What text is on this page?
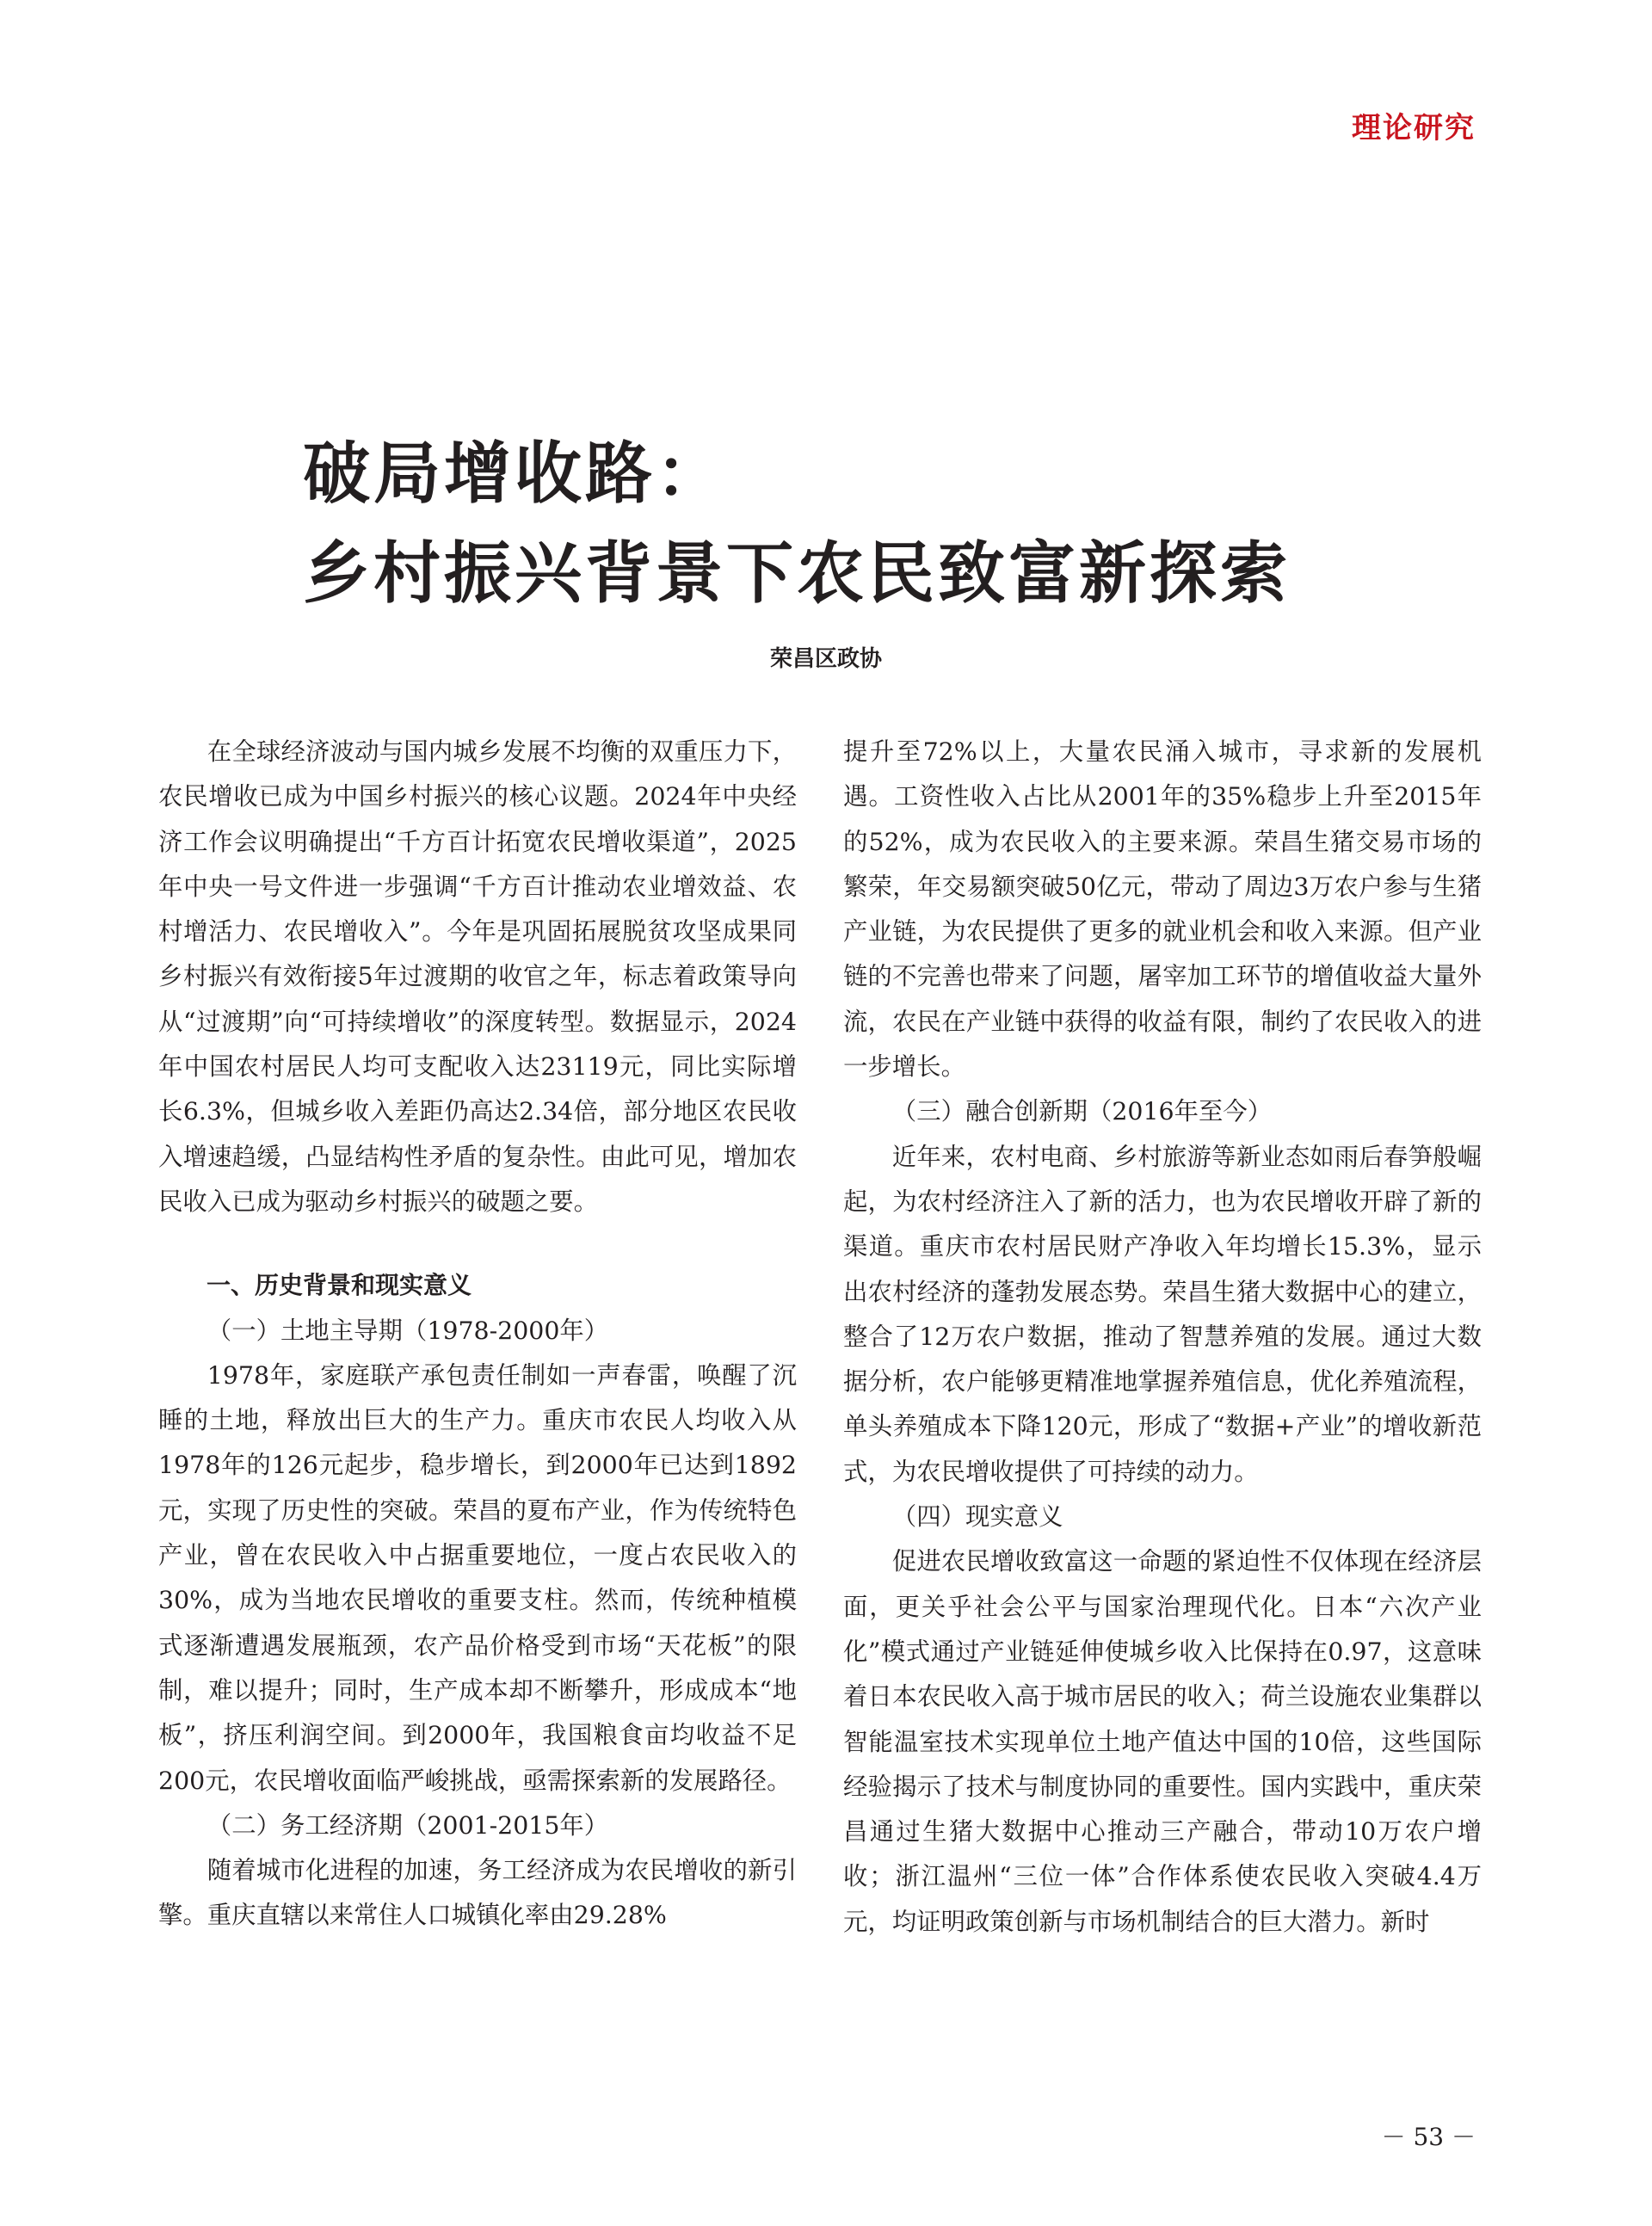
理论研究
破局增收路：
乡村振兴背景下农民致富新探索
荣昌区政协

在全球经济波动与国内城乡发展不均衡的双重压力下，农民增收已成为中国乡村振兴的核心议题。2024年中央经济工作会议明确提出“千方百计拓宽农民增收渠道”，2025年中央一号文件进一步强调“千方百计推动农业增效益、农村增活力、农民增收入”。今年是巩固拓展脱贫攻坚成果同乡村振兴有效衔接5年过渡期的收官之年，标志着政策导向从“过渡期”向“可持续增收”的深度转型。数据显示，2024年中国农村居民人均可支配收入达23119元，同比实际增长6.3%，但城乡收入差距仍高达2.34倍，部分地区农民收入增速趋缓，凸显结构性矛盾的复杂性。由此可见，增加农民收入已成为驱动乡村振兴的破题之要。

一、历史背景和现实意义

（一）土地主导期（1978-2000年）

1978年，家庭联产承包责任制如一声春雷，唤醒了沉睡的土地，释放出巨大的生产力。重庆市农民人均收入从1978年的126元起步，稳步增长，到2000年已达到1892元，实现了历史性的突破。荣昌的夏布产业，作为传统特色产业，曾在农民收入中占据重要地位，一度占农民收入的30%，成为当地农民增收的重要支柱。然而，传统种植模式逐渐遭遇发展瓶颈，农产品价格受到市场“天花板”的限制，难以提升；同时，生产成本却不断攀升，形成成本“地板”，挤压利润空间。到2000年，我国粮食亩均收益不足200元，农民增收面临严峻挑战，亟需探索新的发展路径。

（二）务工经济期（2001-2015年）

随着城市化进程的加速，务工经济成为农民增收的新引擎。重庆直辖以来常住人口城镇化率由29.28%

提升至72%以上，大量农民涌入城市，寻求新的发展机遇。工资性收入占比从2001年的35%稳步上升至2015年的52%，成为农民收入的主要来源。荣昌生猪交易市场的繁荣，年交易额突破50亿元，带动了周边3万农户参与生猪产业链，为农民提供了更多的就业机会和收入来源。但产业链的不完善也带来了问题，屠宰加工环节的增值收益大量外流，农民在产业链中获得的收益有限，制约了农民收入的进一步增长。

（三）融合创新期（2016年至今）

近年来，农村电商、乡村旅游等新业态如雨后春笋般崛起，为农村经济注入了新的活力，也为农民增收开辟了新的渠道。重庆市农村居民财产净收入年均增长15.3%，显示出农村经济的蓬勃发展态势。荣昌生猪大数据中心的建立，整合了12万农户数据，推动了智慧养殖的发展。通过大数据分析，农户能够更精准地掌握养殖信息，优化养殖流程，单头养殖成本下降120元，形成了“数据+产业”的增收新范式，为农民增收提供了可持续的动力。

（四）现实意义

促进农民增收致富这一命题的紧迫性不仅体现在经济层面，更关乎社会公平与国家治理现代化。日本“六次产业化”模式通过产业链延伸使城乡收入比保持在0.97，这意味着日本农民收入高于城市居民的收入；荷兰设施农业集群以智能温室技术实现单位土地产值达中国的10倍，这些国际经验揭示了技术与制度协同的重要性。国内实践中，重庆荣昌通过生猪大数据中心推动三产融合，带动10万农户增收；浙江温州“三位一体”合作体系使农民收入突破4.4万元，均证明政策创新与市场机制结合的巨大潜力。新时

－ 53 －
